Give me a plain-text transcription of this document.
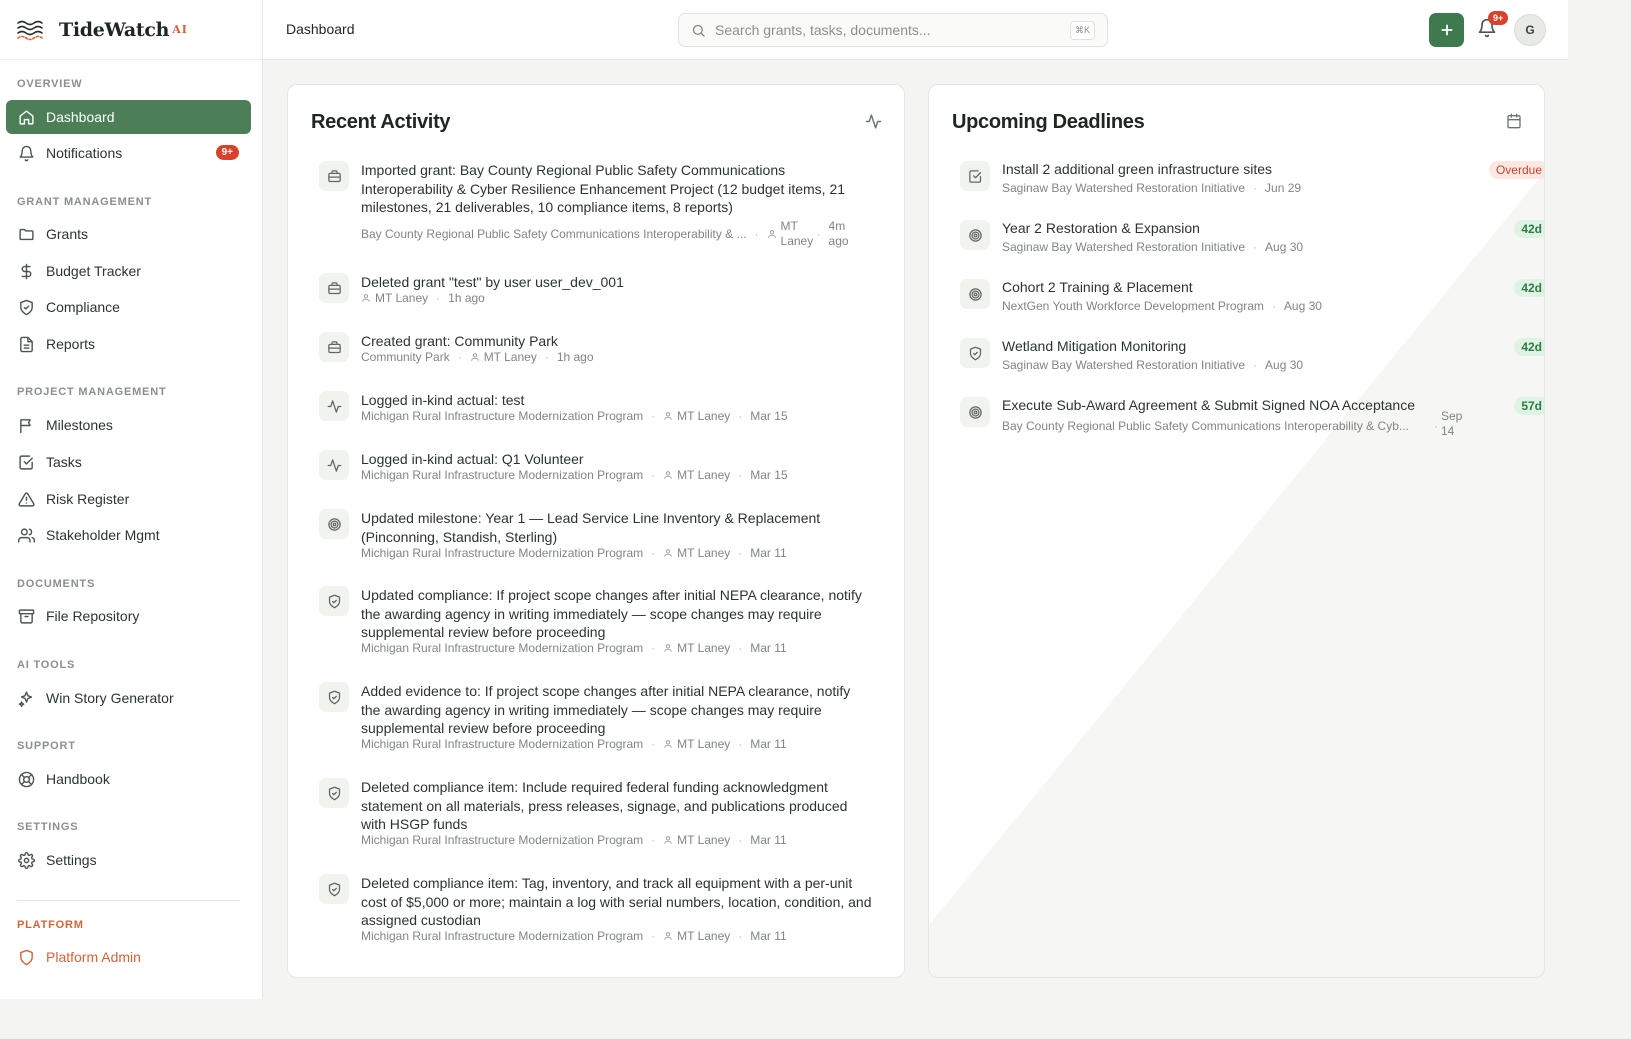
TideWatch AI
OVERVIEW
Dashboard
Notifications	9+
GRANT MANAGEMENT
Grants
Budget Tracker
Compliance
Reports
PROJECT MANAGEMENT
Milestones
Tasks
Risk Register
Stakeholder Mgmt
DOCUMENTS
File Repository
AI TOOLS
Win Story Generator
SUPPORT
Handbook
SETTINGS
Settings
PLATFORM
Platform Admin
Dashboard
Search grants, tasks, documents...	⌘K
9+
G
Recent Activity
Imported grant: Bay County Regional Public Safety Communications Interoperability & Cyber Resilience Enhancement Project (12 budget items, 21 milestones, 21 deliverables, 10 compliance items, 8 reports)
Bay County Regional Public Safety Communications Interoperability & ... ·
MT Laney ·
4m ago
Deleted grant "test" by user user_dev_001
MT Laney · 1h ago
Created grant: Community Park
Community Park · MT Laney · 1h ago
Logged in-kind actual: test
Michigan Rural Infrastructure Modernization Program · MT Laney · Mar 15
Logged in-kind actual: Q1 Volunteer
Michigan Rural Infrastructure Modernization Program · MT Laney · Mar 15
Updated milestone: Year 1 — Lead Service Line Inventory & Replacement (Pinconning, Standish, Sterling)
Michigan Rural Infrastructure Modernization Program · MT Laney · Mar 11
Updated compliance: If project scope changes after initial NEPA clearance, notify the awarding agency in writing immediately — scope changes may require supplemental review before proceeding
Michigan Rural Infrastructure Modernization Program · MT Laney · Mar 11
Added evidence to: If project scope changes after initial NEPA clearance, notify the awarding agency in writing immediately — scope changes may require supplemental review before proceeding
Michigan Rural Infrastructure Modernization Program · MT Laney · Mar 11
Deleted compliance item: Include required federal funding acknowledgment statement on all materials, press releases, signage, and publications produced with HSGP funds
Michigan Rural Infrastructure Modernization Program · MT Laney · Mar 11
Deleted compliance item: Tag, inventory, and track all equipment with a per-unit cost of $5,000 or more; maintain a log with serial numbers, location, condition, and assigned custodian
Michigan Rural Infrastructure Modernization Program · MT Laney · Mar 11
Upcoming Deadlines
Install 2 additional green infrastructure sites
Saginaw Bay Watershed Restoration Initiative · Jun 29
Overdue
Year 2 Restoration & Expansion
Saginaw Bay Watershed Restoration Initiative · Aug 30
42d
Cohort 2 Training & Placement
NextGen Youth Workforce Development Program · Aug 30
42d
Wetland Mitigation Monitoring
Saginaw Bay Watershed Restoration Initiative · Aug 30
42d
Execute Sub-Award Agreement & Submit Signed NOA Acceptance
Sep 14
·
Bay County Regional Public Safety Communications Interoperability & Cyb...
57d
